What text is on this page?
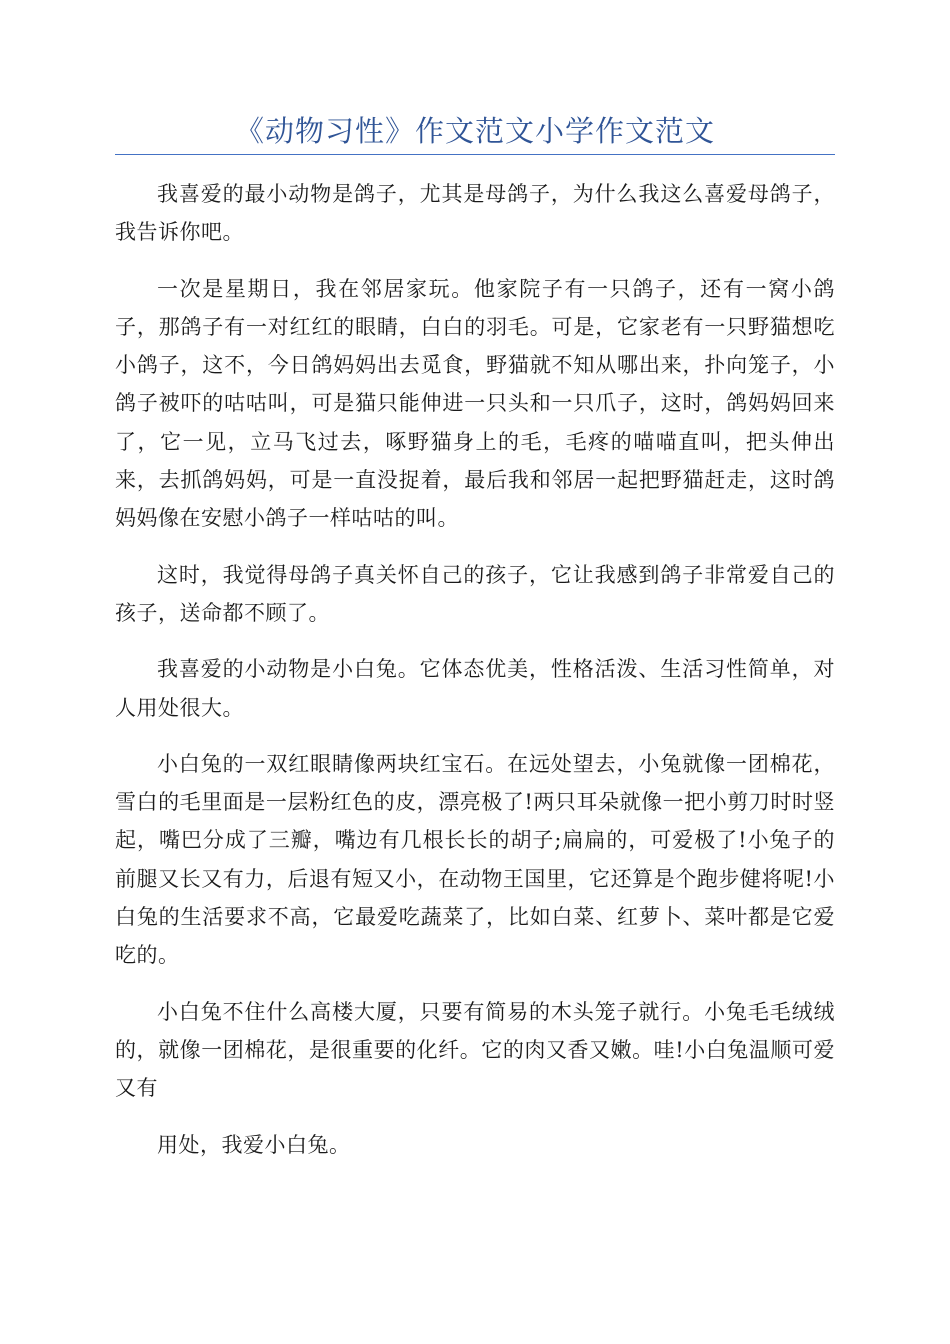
《动物习性》作文范文小学作文范文

我喜爱的最小动物是鸽子，尤其是母鸽子，为什么我这么喜爱母鸽子，我告诉你吧。

一次是星期日，我在邻居家玩。他家院子有一只鸽子，还有一窝小鸽子，那鸽子有一对红红的眼睛，白白的羽毛。可是，它家老有一只野猫想吃小鸽子，这不，今日鸽妈妈出去觅食，野猫就不知从哪出来，扑向笼子，小鸽子被吓的咕咕叫，可是猫只能伸进一只头和一只爪子，这时，鸽妈妈回来了，它一见，立马飞过去，啄野猫身上的毛，毛疼的喵喵直叫，把头伸出来，去抓鸽妈妈，可是一直没捉着，最后我和邻居一起把野猫赶走，这时鸽妈妈像在安慰小鸽子一样咕咕的叫。

这时，我觉得母鸽子真关怀自己的孩子，它让我感到鸽子非常爱自己的孩子，送命都不顾了。

我喜爱的小动物是小白兔。它体态优美，性格活泼、生活习性简单，对人用处很大。

小白兔的一双红眼睛像两块红宝石。在远处望去，小兔就像一团棉花，雪白的毛里面是一层粉红色的皮，漂亮极了!两只耳朵就像一把小剪刀时时竖起，嘴巴分成了三瓣，嘴边有几根长长的胡子;扁扁的，可爱极了!小兔子的前腿又长又有力，后退有短又小，在动物王国里，它还算是个跑步健将呢!小白兔的生活要求不高，它最爱吃蔬菜了，比如白菜、红萝卜、菜叶都是它爱吃的。

小白兔不住什么高楼大厦，只要有简易的木头笼子就行。小兔毛毛绒绒的，就像一团棉花，是很重要的化纤。它的肉又香又嫩。哇!小白兔温顺可爱又有

用处，我爱小白兔。
